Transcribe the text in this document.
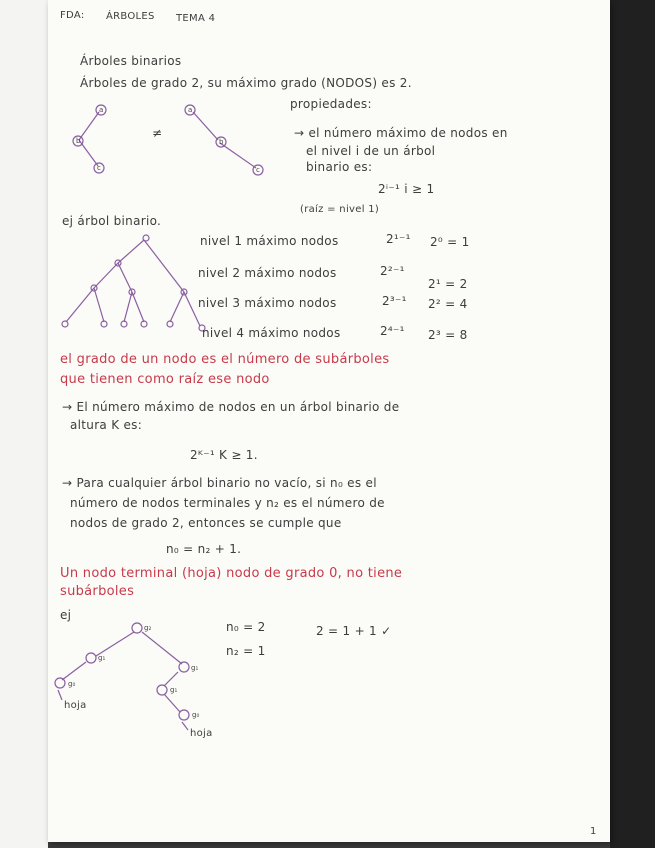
FDA: ÁRBOLES TEMA 4
Árboles binarios
Árboles de grado 2, su máximo grado (NODOS) es 2.
propiedades:
a
b
c
a
b
c
≠	→ el número máximo de nodos en
el nivel i de un árbol
binario es:
2ⁱ⁻¹ i ≥ 1
(raíz = nivel 1)
ej árbol binario.
nivel 1 máximo nodos	2¹⁻¹ 2⁰ = 1
nivel 2 máximo nodos	2²⁻¹
2¹ = 2
nivel 3 máximo nodos	2³⁻¹ 2² = 4
nivel 4 máximo nodos	2⁴⁻¹ 2³ = 8
el grado de un nodo es el número de subárboles
que tienen como raíz ese nodo
→ El número máximo de nodos en un árbol binario de
altura K es:
2ᴷ⁻¹ K ≥ 1.
→ Para cualquier árbol binario no vacío, si n₀ es el
número de nodos terminales y n₂ es el número de
nodos de grado 2, entonces se cumple que
n₀ = n₂ + 1.
Un nodo terminal (hoja) nodo de grado 0, no tiene
subárboles
ej
n₀ = 2
n₂ = 1
2 = 1 + 1 ✓
g₂
g₁
g₁
g₀
g₁
g₀
hoja
hoja
1
